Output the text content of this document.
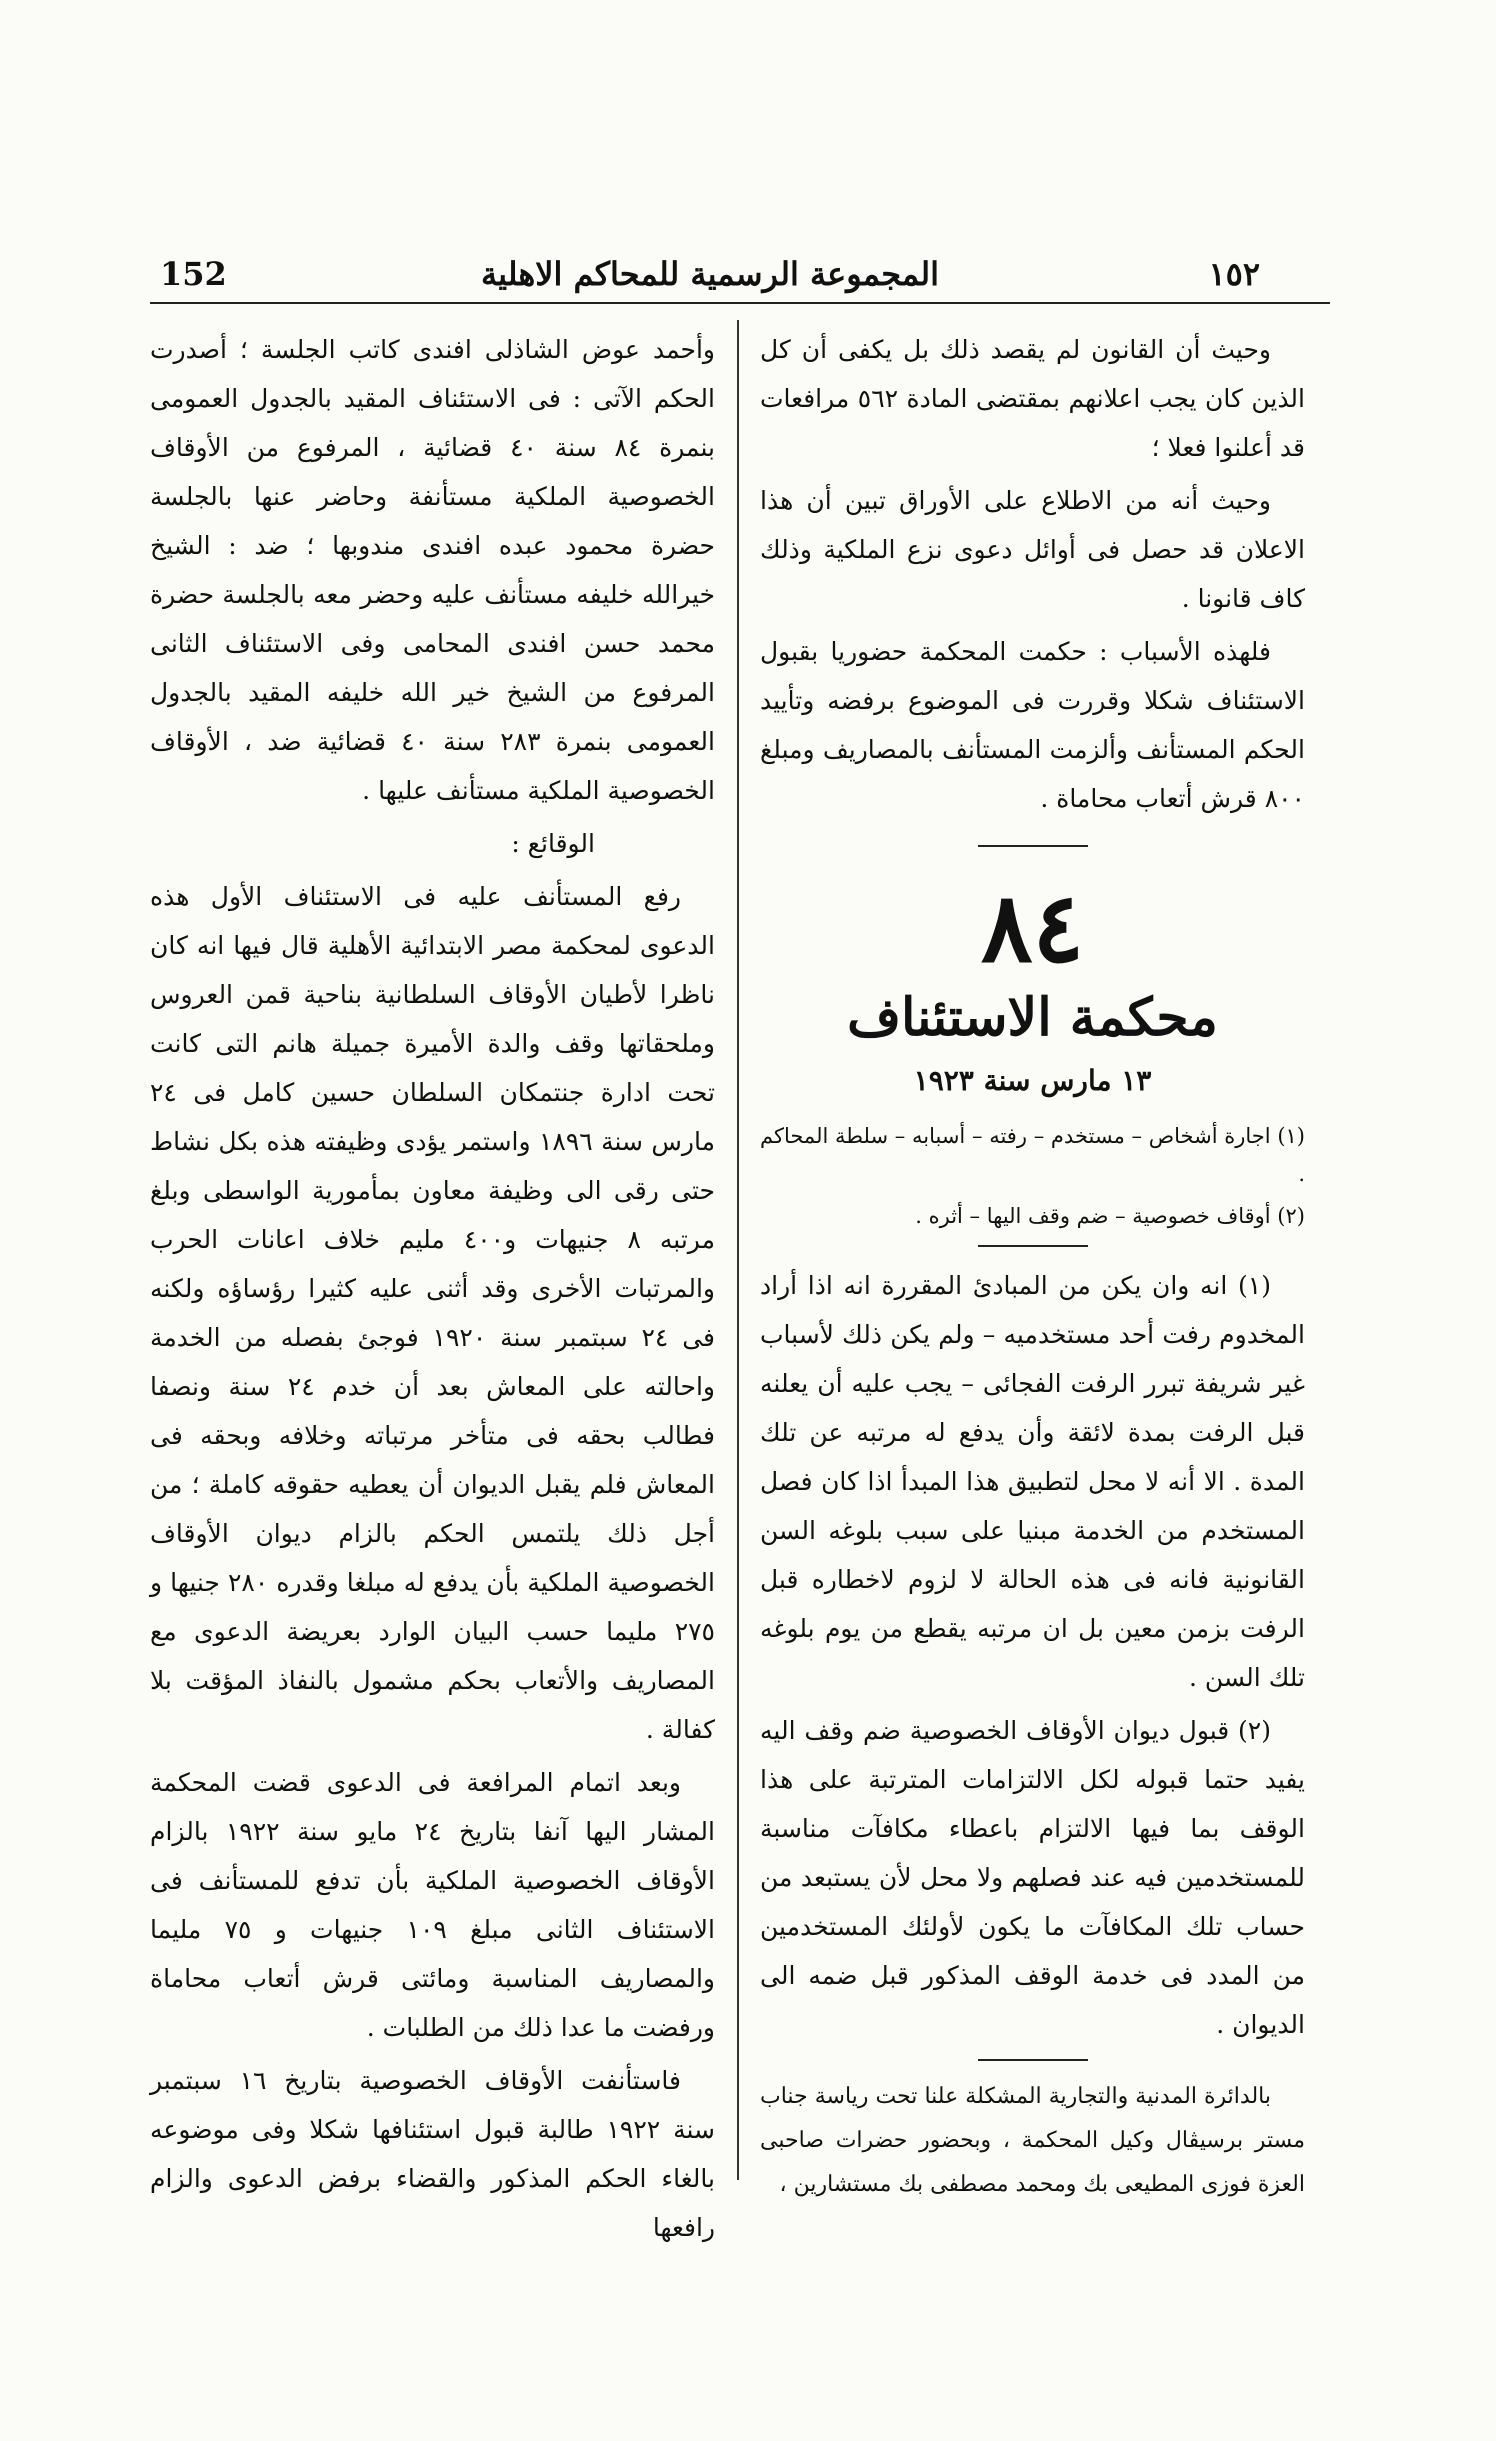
152	المجموعة الرسمية للمحاكم الاهلية	١٥٢

وحيث أن القانون لم يقصد ذلك بل يكفى أن كل الذين كان يجب اعلانهم بمقتضى المادة ٥٦٢ مرافعات قد أعلنوا فعلا ؛

وحيث أنه من الاطلاع على الأوراق تبين أن هذا الاعلان قد حصل فى أوائل دعوى نزع الملكية وذلك كاف قانونا .

فلهذه الأسباب : حكمت المحكمة حضوريا بقبول الاستئناف شكلا وقررت فى الموضوع برفضه وتأييد الحكم المستأنف وألزمت المستأنف بالمصاريف ومبلغ ٨٠٠ قرش أتعاب محاماة .

٨٤
محكمة الاستئناف
١٣ مارس سنة ١٩٢٣

(١) اجارة أشخاص – مستخدم – رفته – أسبابه – سلطة المحاكم .

(٢) أوقاف خصوصية – ضم وقف اليها – أثره .

(١) انه وان يكن من المبادئ المقررة انه اذا أراد المخدوم رفت أحد مستخدميه – ولم يكن ذلك لأسباب غير شريفة تبرر الرفت الفجائى – يجب عليه أن يعلنه قبل الرفت بمدة لائقة وأن يدفع له مرتبه عن تلك المدة . الا أنه لا محل لتطبيق هذا المبدأ اذا كان فصل المستخدم من الخدمة مبنيا على سبب بلوغه السن القانونية فانه فى هذه الحالة لا لزوم لاخطاره قبل الرفت بزمن معين بل ان مرتبه يقطع من يوم بلوغه تلك السن .

(٢) قبول ديوان الأوقاف الخصوصية ضم وقف اليه يفيد حتما قبوله لكل الالتزامات المترتبة على هذا الوقف بما فيها الالتزام باعطاء مكافآت مناسبة للمستخدمين فيه عند فصلهم ولا محل لأن يستبعد من حساب تلك المكافآت ما يكون لأولئك المستخدمين من المدد فى خدمة الوقف المذكور قبل ضمه الى الديوان .

بالدائرة المدنية والتجارية المشكلة علنا تحت رياسة جناب مستر برسيڤال وكيل المحكمة ، وبحضور حضرات صاحبى العزة فوزى المطيعى بك ومحمد مصطفى بك مستشارين ،

وأحمد عوض الشاذلى افندى كاتب الجلسة ؛ أصدرت الحكم الآتى : فى الاستئناف المقيد بالجدول العمومى بنمرة ٨٤ سنة ٤٠ قضائية ، المرفوع من الأوقاف الخصوصية الملكية مستأنفة وحاضر عنها بالجلسة حضرة محمود عبده افندى مندوبها ؛ ضد : الشيخ خيرالله خليفه مستأنف عليه وحضر معه بالجلسة حضرة محمد حسن افندى المحامى وفى الاستئناف الثانى المرفوع من الشيخ خير الله خليفه المقيد بالجدول العمومى بنمرة ٢٨٣ سنة ٤٠ قضائية ضد ، الأوقاف الخصوصية الملكية مستأنف عليها .

الوقائع :

رفع المستأنف عليه فى الاستئناف الأول هذه الدعوى لمحكمة مصر الابتدائية الأهلية قال فيها انه كان ناظرا لأطيان الأوقاف السلطانية بناحية قمن العروس وملحقاتها وقف والدة الأميرة جميلة هانم التى كانت تحت ادارة جنتمكان السلطان حسين كامل فى ٢٤ مارس سنة ١٨٩٦ واستمر يؤدى وظيفته هذه بكل نشاط حتى رقى الى وظيفة معاون بمأمورية الواسطى وبلغ مرتبه ٨ جنيهات و٤٠٠ مليم خلاف اعانات الحرب والمرتبات الأخرى وقد أثنى عليه كثيرا رؤساؤه ولكنه فى ٢٤ سبتمبر سنة ١٩٢٠ فوجئ بفصله من الخدمة واحالته على المعاش بعد أن خدم ٢٤ سنة ونصفا فطالب بحقه فى متأخر مرتباته وخلافه وبحقه فى المعاش فلم يقبل الديوان أن يعطيه حقوقه كاملة ؛ من أجل ذلك يلتمس الحكم بالزام ديوان الأوقاف الخصوصية الملكية بأن يدفع له مبلغا وقدره ٢٨٠ جنيها و ٢٧٥ مليما حسب البيان الوارد بعريضة الدعوى مع المصاريف والأتعاب بحكم مشمول بالنفاذ المؤقت بلا كفالة .

وبعد اتمام المرافعة فى الدعوى قضت المحكمة المشار اليها آنفا بتاريخ ٢٤ مايو سنة ١٩٢٢ بالزام الأوقاف الخصوصية الملكية بأن تدفع للمستأنف فى الاستئناف الثانى مبلغ ١٠٩ جنيهات و ٧٥ مليما والمصاريف المناسبة ومائتى قرش أتعاب محاماة ورفضت ما عدا ذلك من الطلبات .

فاستأنفت الأوقاف الخصوصية بتاريخ ١٦ سبتمبر سنة ١٩٢٢ طالبة قبول استئنافها شكلا وفى موضوعه بالغاء الحكم المذكور والقضاء برفض الدعوى والزام رافعها
